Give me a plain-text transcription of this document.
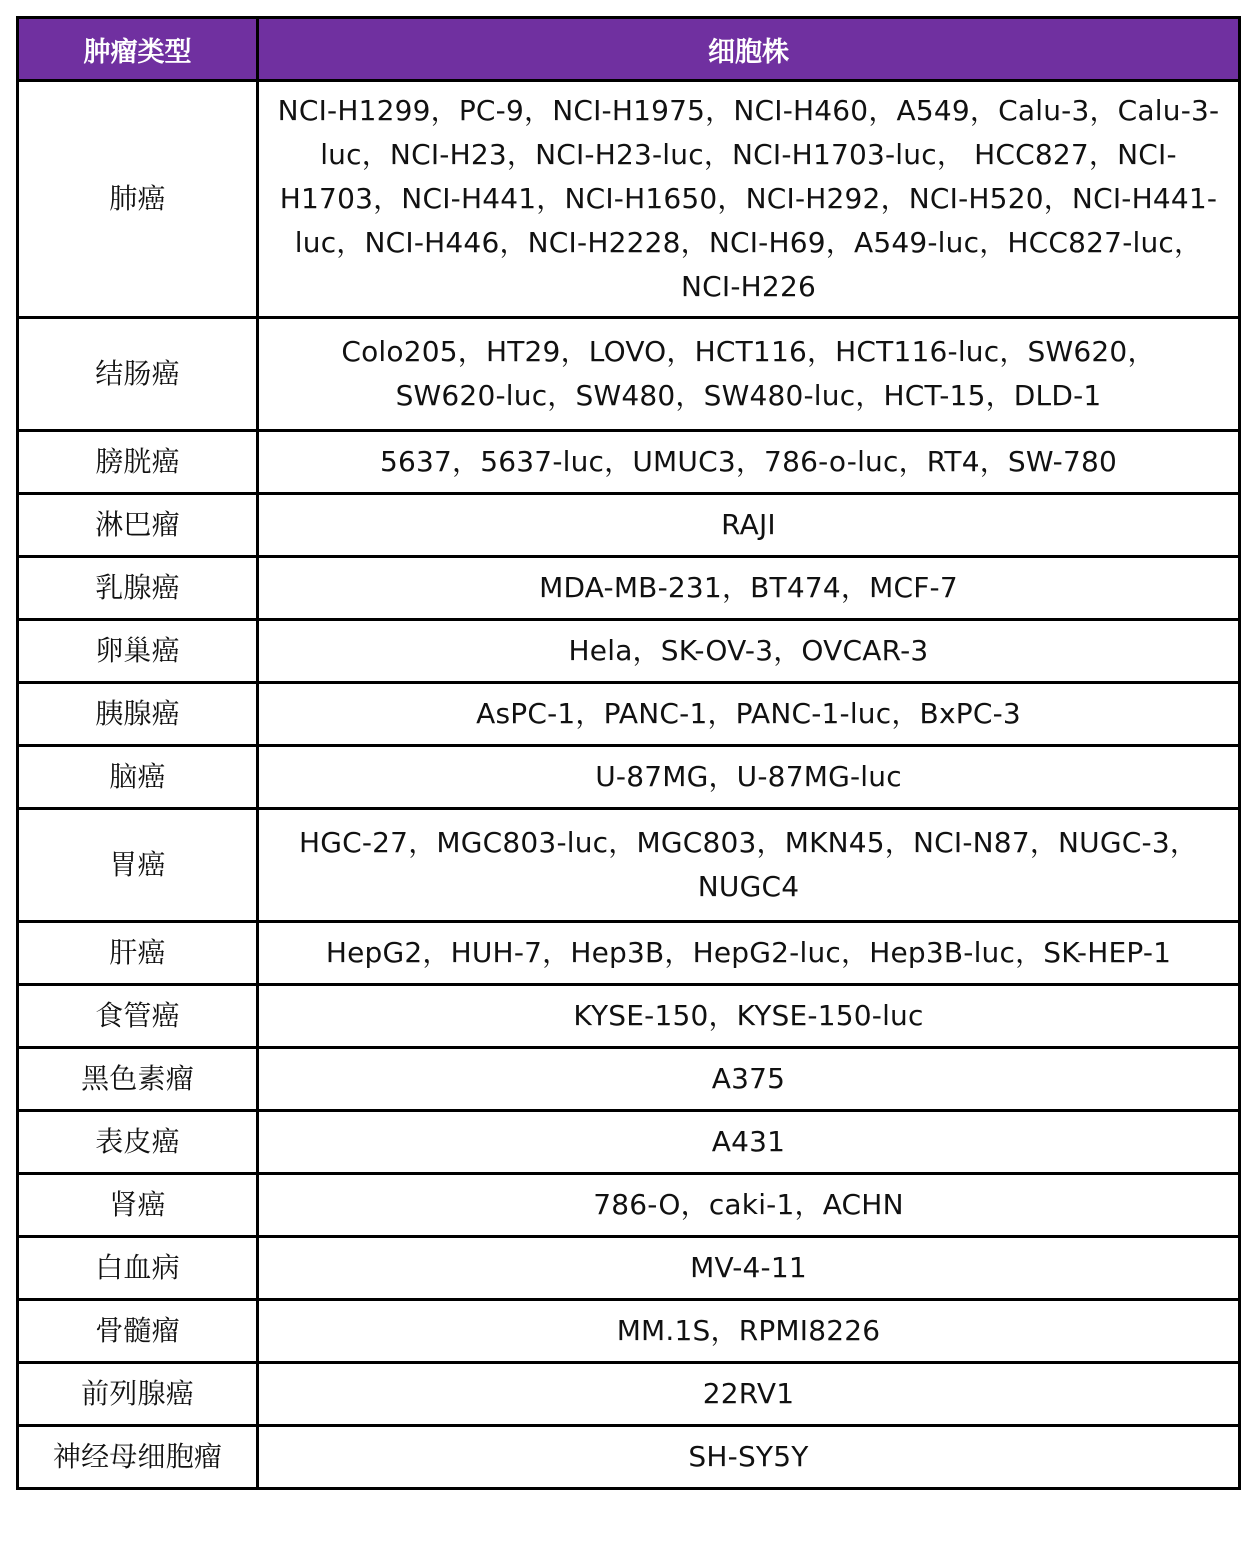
肿瘤类型	细胞株
肺癌	NCI-H1299，PC-9，NCI-H1975，NCI-H460，A549，Calu-3，Calu-3-luc，NCI-H23，NCI-H23-luc，NCI-H1703-luc， HCC827，NCI-H1703，NCI-H441，NCI-H1650，NCI-H292，NCI-H520，NCI-H441-luc，NCI-H446，NCI-H2228，NCI-H69，A549-luc，HCC827-luc，NCI-H226
结肠癌	Colo205，HT29，LOVO，HCT116，HCT116-luc，SW620，SW620-luc，SW480，SW480-luc，HCT-15，DLD-1
膀胱癌	5637，5637-luc，UMUC3，786-o-luc，RT4，SW-780
淋巴瘤	RAJI
乳腺癌	MDA-MB-231，BT474，MCF-7
卵巢癌	Hela，SK-OV-3，OVCAR-3
胰腺癌	AsPC-1，PANC-1，PANC-1-luc，BxPC-3
脑癌	U-87MG，U-87MG-luc
胃癌	HGC-27，MGC803-luc，MGC803，MKN45，NCI-N87，NUGC-3，NUGC4
肝癌	HepG2，HUH-7，Hep3B，HepG2-luc，Hep3B-luc，SK-HEP-1
食管癌	KYSE-150，KYSE-150-luc
黑色素瘤	A375
表皮癌	A431
肾癌	786-O，caki-1，ACHN
白血病	MV-4-11
骨髓瘤	MM.1S，RPMI8226
前列腺癌	22RV1
神经母细胞瘤	SH-SY5Y
